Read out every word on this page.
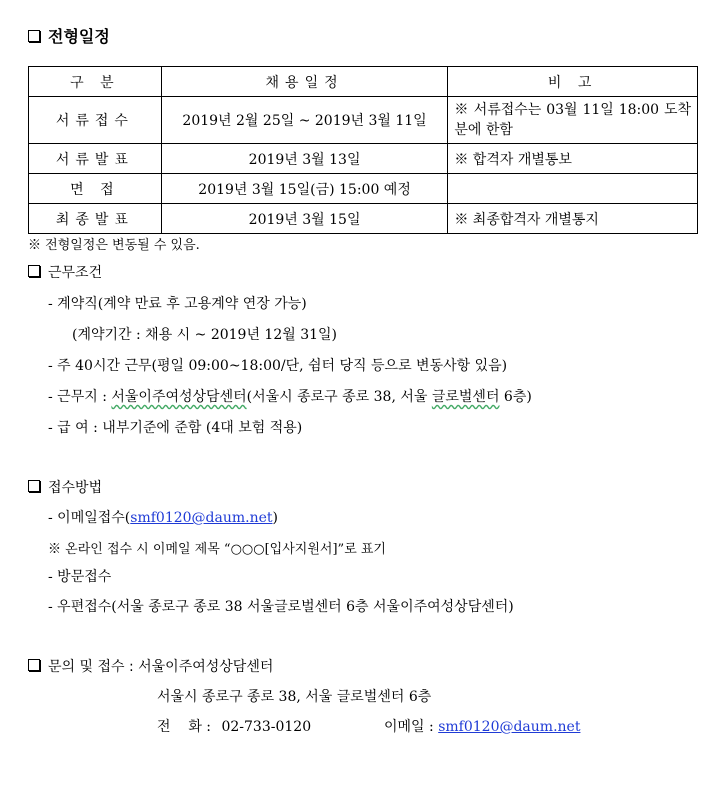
전형일정
구 분	채용일정	비 고
서류접수	2019년 2월 25일 ~ 2019년 3월 11일	※ 서류접수는 03월 11일 18:00 도착분에 한함
서류발표	2019년 3월 13일	※ 합격자 개별통보
면 접	2019년 3월 15일(금) 15:00 예정	
최종발표	2019년 3월 15일	※ 최종합격자 개별통지
※ 전형일정은 변동될 수 있음.
근무조건
- 계약직(계약 만료 후 고용계약 연장 가능)
(계약기간 : 채용 시 ~ 2019년 12월 31일)
- 주 40시간 근무(평일 09:00~18:00/단, 쉼터 당직 등으로 변동사항 있음)
- 근무지 : 서울이주여성상담센터(서울시 종로구 종로 38, 서울 글로벌센터 6층)
- 급 여 : 내부기준에 준함 (4대 보험 적용)
접수방법
- 이메일접수(smf0120@daum.net)
※ 온라인 접수 시 이메일 제목 “○○○[입사지원서]”로 표기
- 방문접수
- 우편접수(서울 종로구 종로 38 서울글로벌센터 6층 서울이주여성상담센터)
문의 및 접수 : 서울이주여성상담센터
서울시 종로구 종로 38, 서울 글로벌센터 6층
전    화 : 02-733-0120	이메일 : smf0120@daum.net
